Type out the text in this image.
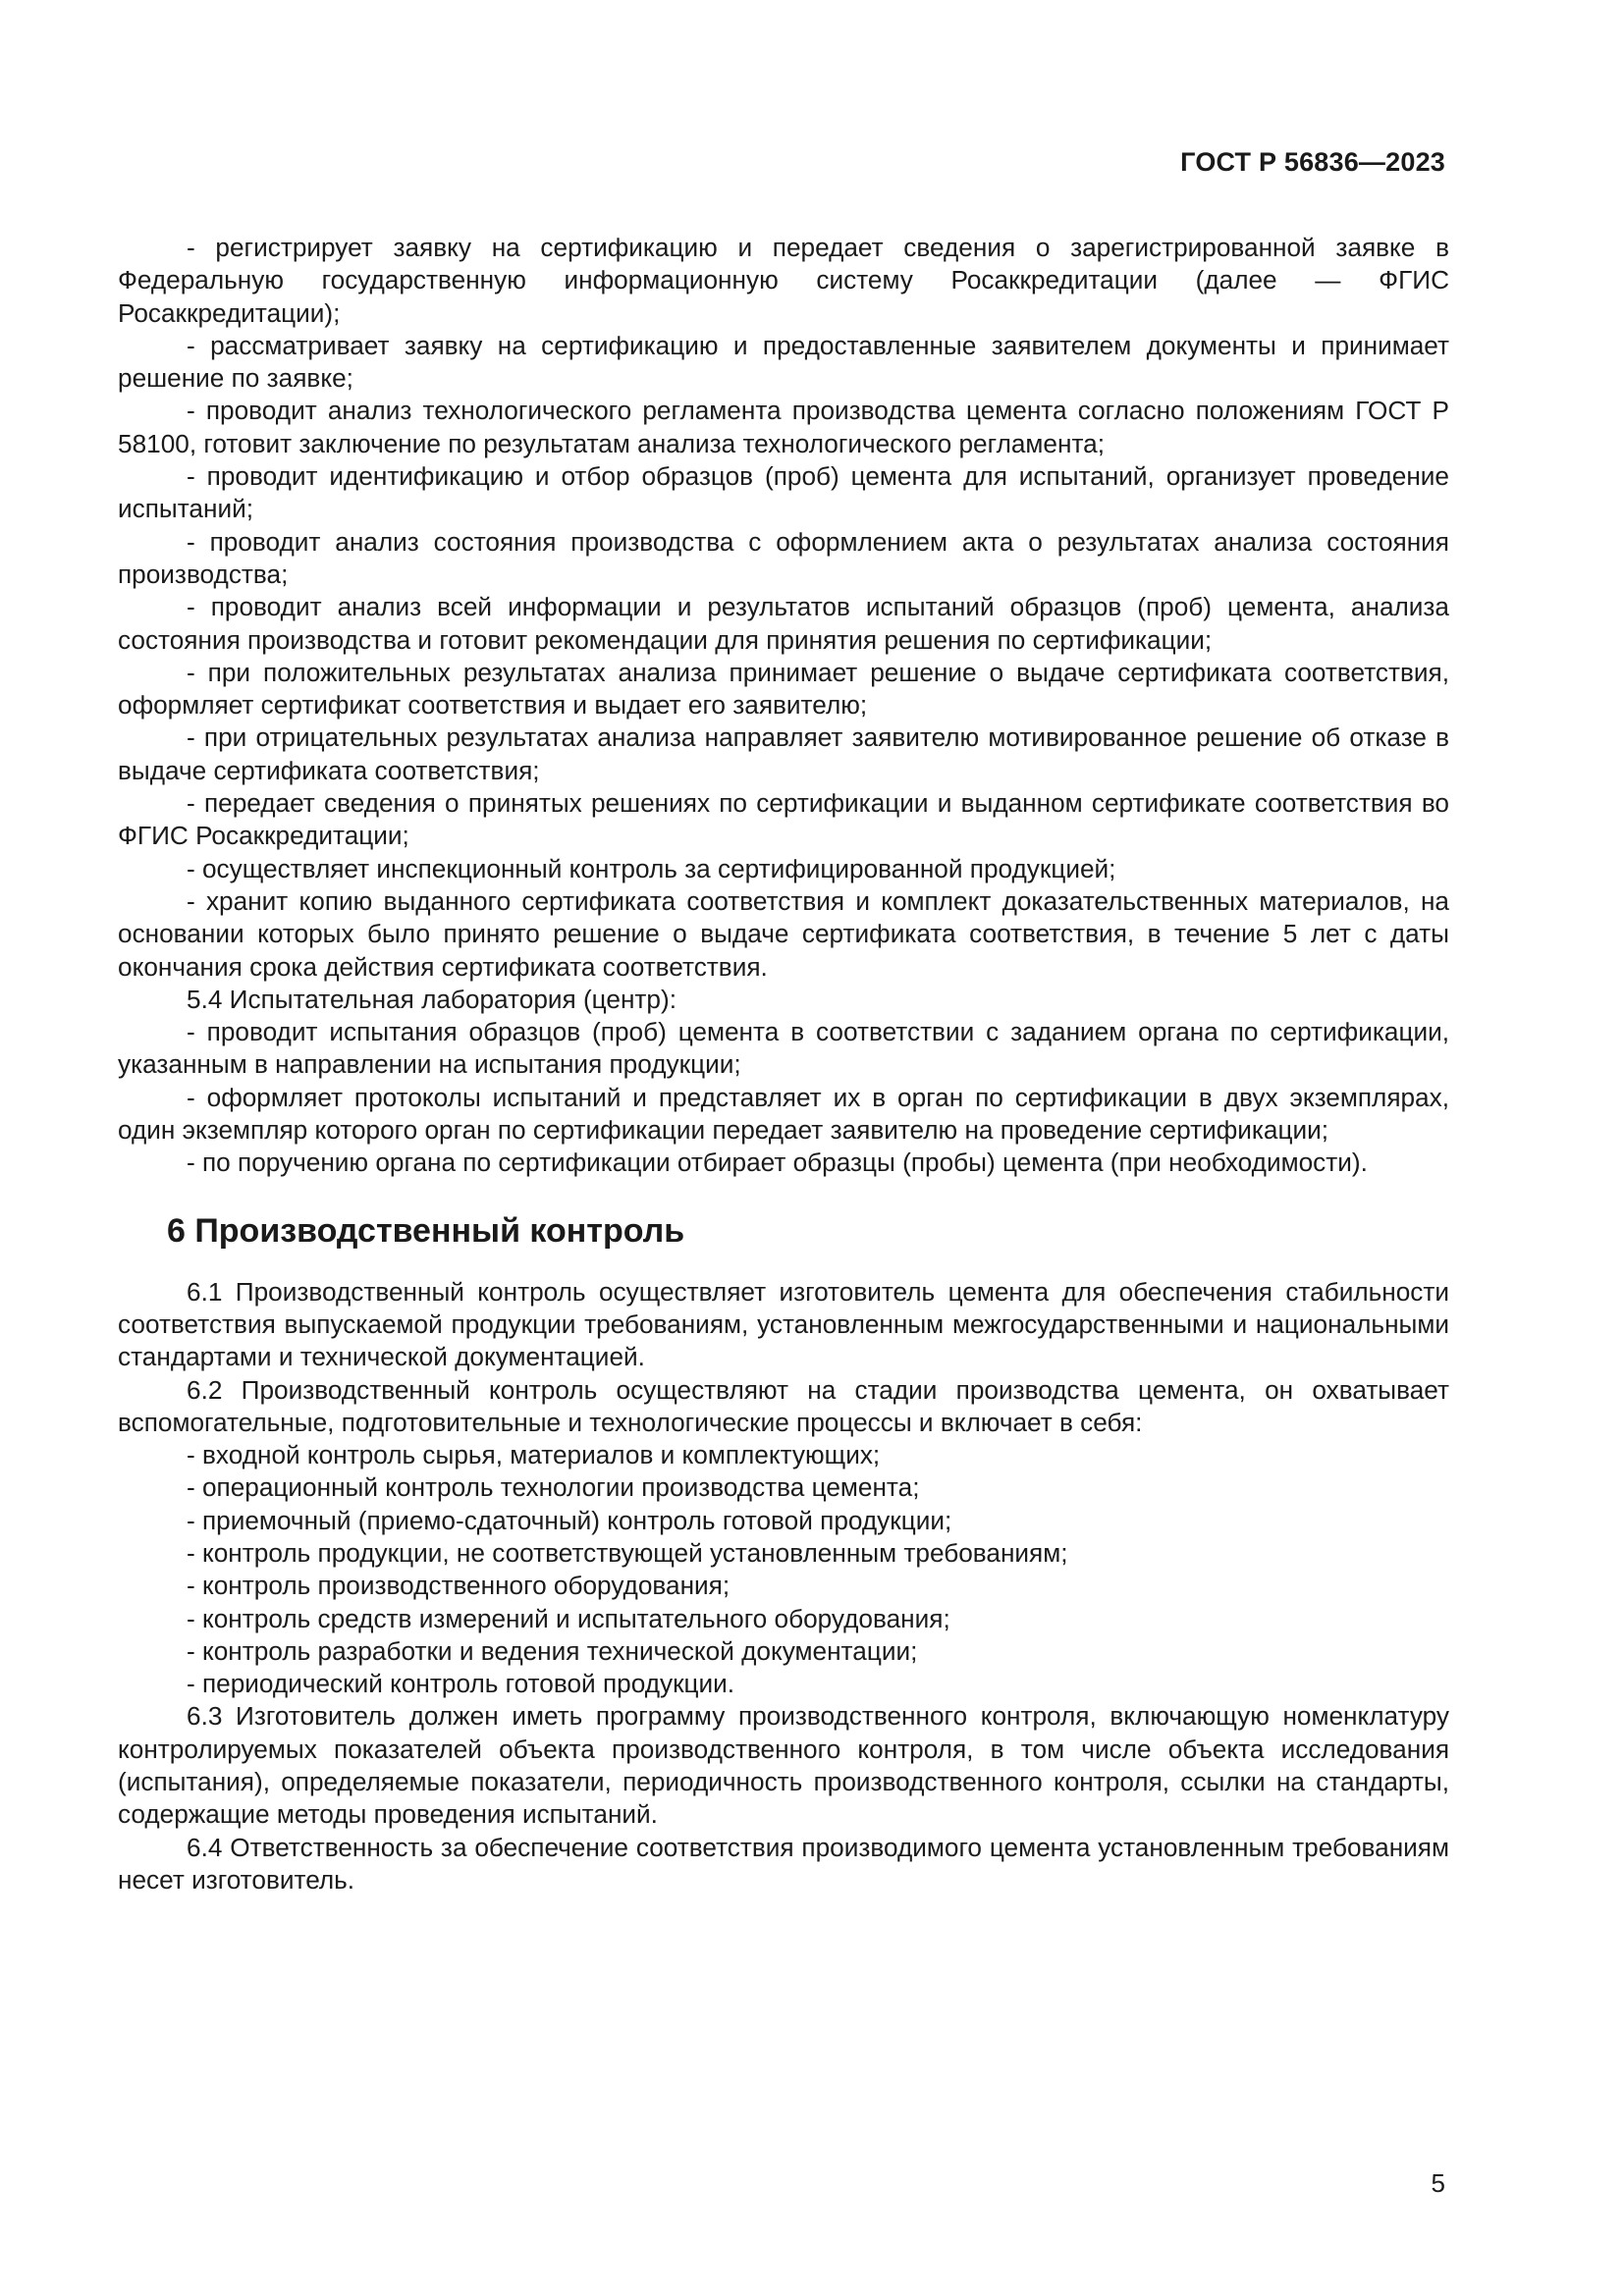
ГОСТ Р 56836—2023

- регистрирует заявку на сертификацию и передает сведения о зарегистрированной заявке в Федеральную государственную информационную систему Росаккредитации (далее — ФГИС Росаккредитации);

- рассматривает заявку на сертификацию и предоставленные заявителем документы и принимает решение по заявке;

- проводит анализ технологического регламента производства цемента согласно положениям ГОСТ Р 58100, готовит заключение по результатам анализа технологического регламента;

- проводит идентификацию и отбор образцов (проб) цемента для испытаний, организует проведение испытаний;

- проводит анализ состояния производства с оформлением акта о результатах анализа состояния производства;

- проводит анализ всей информации и результатов испытаний образцов (проб) цемента, анализа состояния производства и готовит рекомендации для принятия решения по сертификации;

- при положительных результатах анализа принимает решение о выдаче сертификата соответствия, оформляет сертификат соответствия и выдает его заявителю;

- при отрицательных результатах анализа направляет заявителю мотивированное решение об отказе в выдаче сертификата соответствия;

- передает сведения о принятых решениях по сертификации и выданном сертификате соответствия во ФГИС Росаккредитации;

- осуществляет инспекционный контроль за сертифицированной продукцией;

- хранит копию выданного сертификата соответствия и комплект доказательственных материалов, на основании которых было принято решение о выдаче сертификата соответствия, в течение 5 лет с даты окончания срока действия сертификата соответствия.

5.4 Испытательная лаборатория (центр):

- проводит испытания образцов (проб) цемента в соответствии с заданием органа по сертификации, указанным в направлении на испытания продукции;

- оформляет протоколы испытаний и представляет их в орган по сертификации в двух экземплярах, один экземпляр которого орган по сертификации передает заявителю на проведение сертификации;

- по поручению органа по сертификации отбирает образцы (пробы) цемента (при необходимости).

6 Производственный контроль

6.1 Производственный контроль осуществляет изготовитель цемента для обеспечения стабильности соответствия выпускаемой продукции требованиям, установленным межгосударственными и национальными стандартами и технической документацией.

6.2 Производственный контроль осуществляют на стадии производства цемента, он охватывает вспомогательные, подготовительные и технологические процессы и включает в себя:

- входной контроль сырья, материалов и комплектующих;

- операционный контроль технологии производства цемента;

- приемочный (приемо-сдаточный) контроль готовой продукции;

- контроль продукции, не соответствующей установленным требованиям;

- контроль производственного оборудования;

- контроль средств измерений и испытательного оборудования;

- контроль разработки и ведения технической документации;

- периодический контроль готовой продукции.

6.3 Изготовитель должен иметь программу производственного контроля, включающую номенклатуру контролируемых показателей объекта производственного контроля, в том числе объекта исследования (испытания), определяемые показатели, периодичность производственного контроля, ссылки на стандарты, содержащие методы проведения испытаний.

6.4 Ответственность за обеспечение соответствия производимого цемента установленным требованиям несет изготовитель.

5
